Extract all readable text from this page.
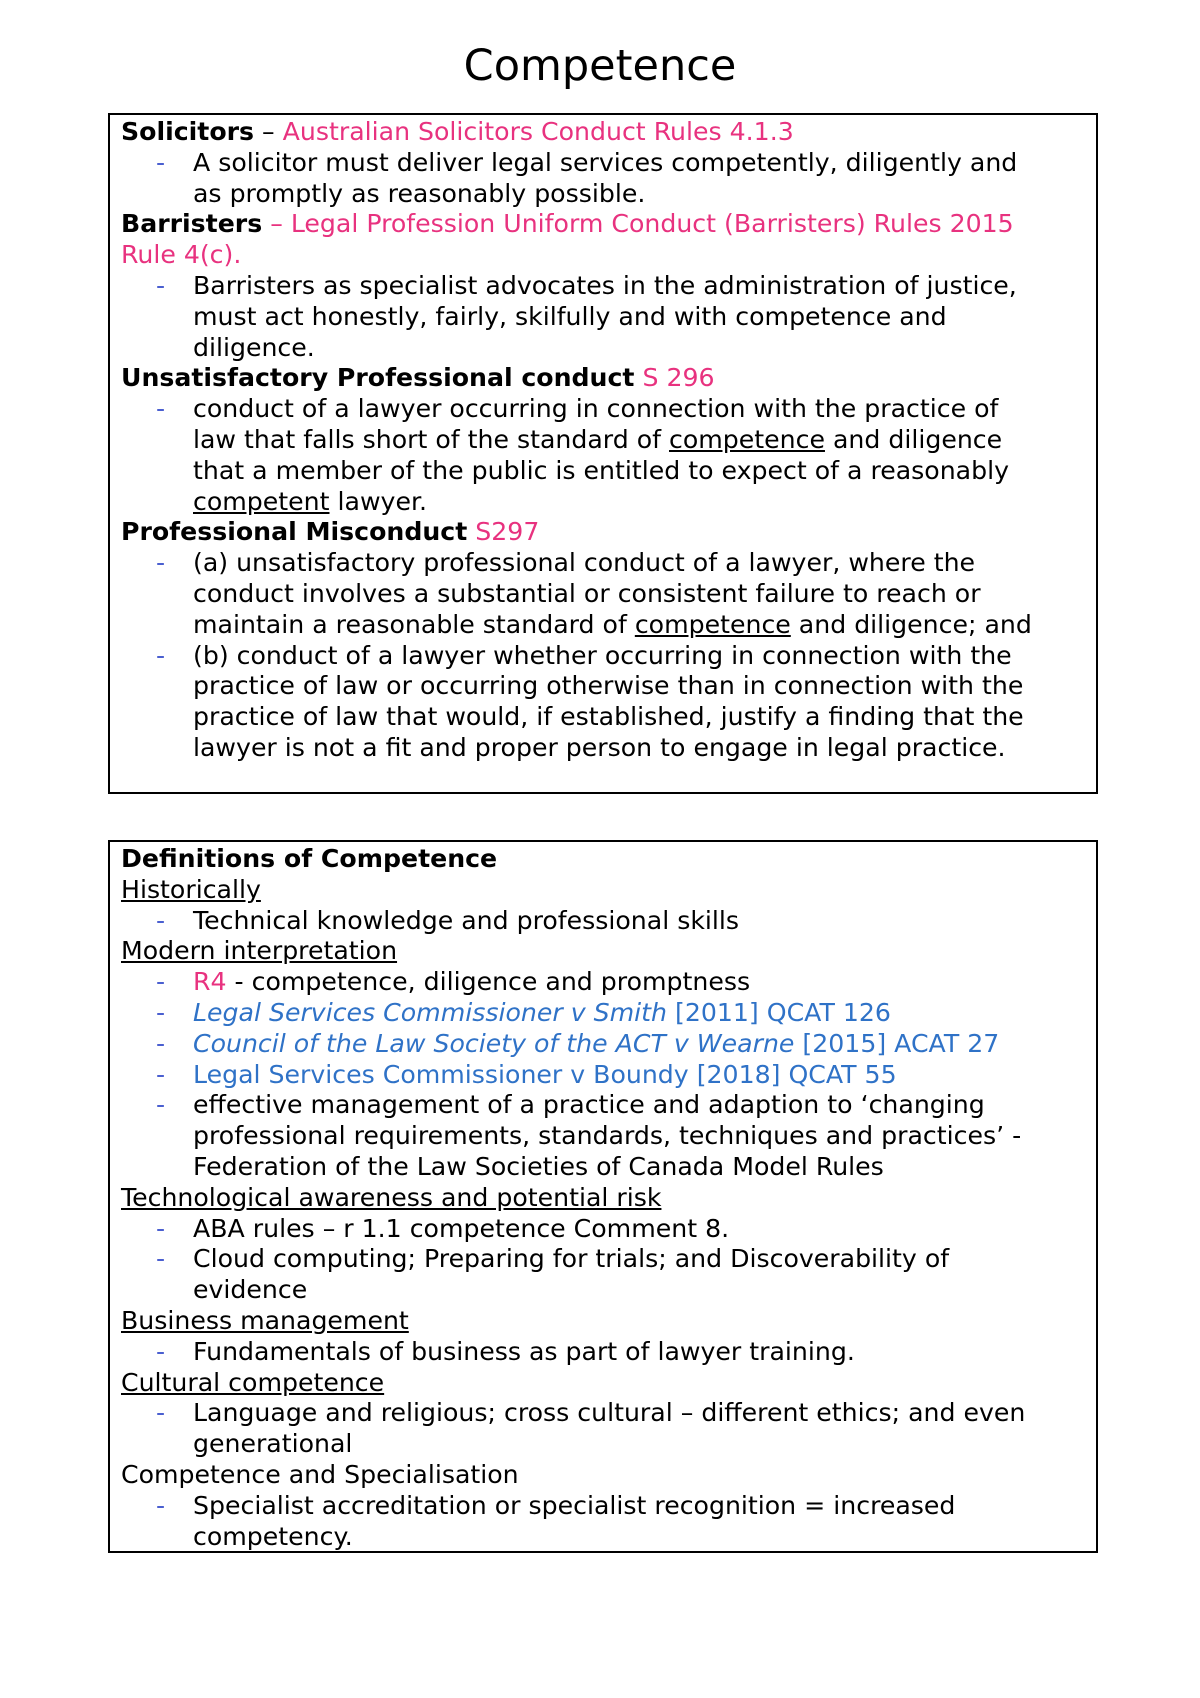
Competence
Solicitors – Australian Solicitors Conduct Rules 4.1.3
- A solicitor must deliver legal services competently, diligently and
as promptly as reasonably possible.
Barristers – Legal Profession Uniform Conduct (Barristers) Rules 2015
Rule 4(c).
- Barristers as specialist advocates in the administration of justice,
must act honestly, fairly, skilfully and with competence and
diligence.
Unsatisfactory Professional conduct S 296
- conduct of a lawyer occurring in connection with the practice of
law that falls short of the standard of competence and diligence
that a member of the public is entitled to expect of a reasonably
competent lawyer.
Professional Misconduct S297
- (a) unsatisfactory professional conduct of a lawyer, where the
conduct involves a substantial or consistent failure to reach or
maintain a reasonable standard of competence and diligence; and
- (b) conduct of a lawyer whether occurring in connection with the
practice of law or occurring otherwise than in connection with the
practice of law that would, if established, justify a finding that the
lawyer is not a fit and proper person to engage in legal practice.
Definitions of Competence
Historically
- Technical knowledge and professional skills
Modern interpretation
- R4 - competence, diligence and promptness
- Legal Services Commissioner v Smith [2011] QCAT 126
- Council of the Law Society of the ACT v Wearne [2015] ACAT 27
- Legal Services Commissioner v Boundy [2018] QCAT 55
- effective management of a practice and adaption to ‘changing
professional requirements, standards, techniques and practices’ -
Federation of the Law Societies of Canada Model Rules
Technological awareness and potential risk
- ABA rules – r 1.1 competence Comment 8.
- Cloud computing; Preparing for trials; and Discoverability of
evidence
Business management
- Fundamentals of business as part of lawyer training.
Cultural competence
- Language and religious; cross cultural – different ethics; and even
generational
Competence and Specialisation
- Specialist accreditation or specialist recognition = increased
competency.
